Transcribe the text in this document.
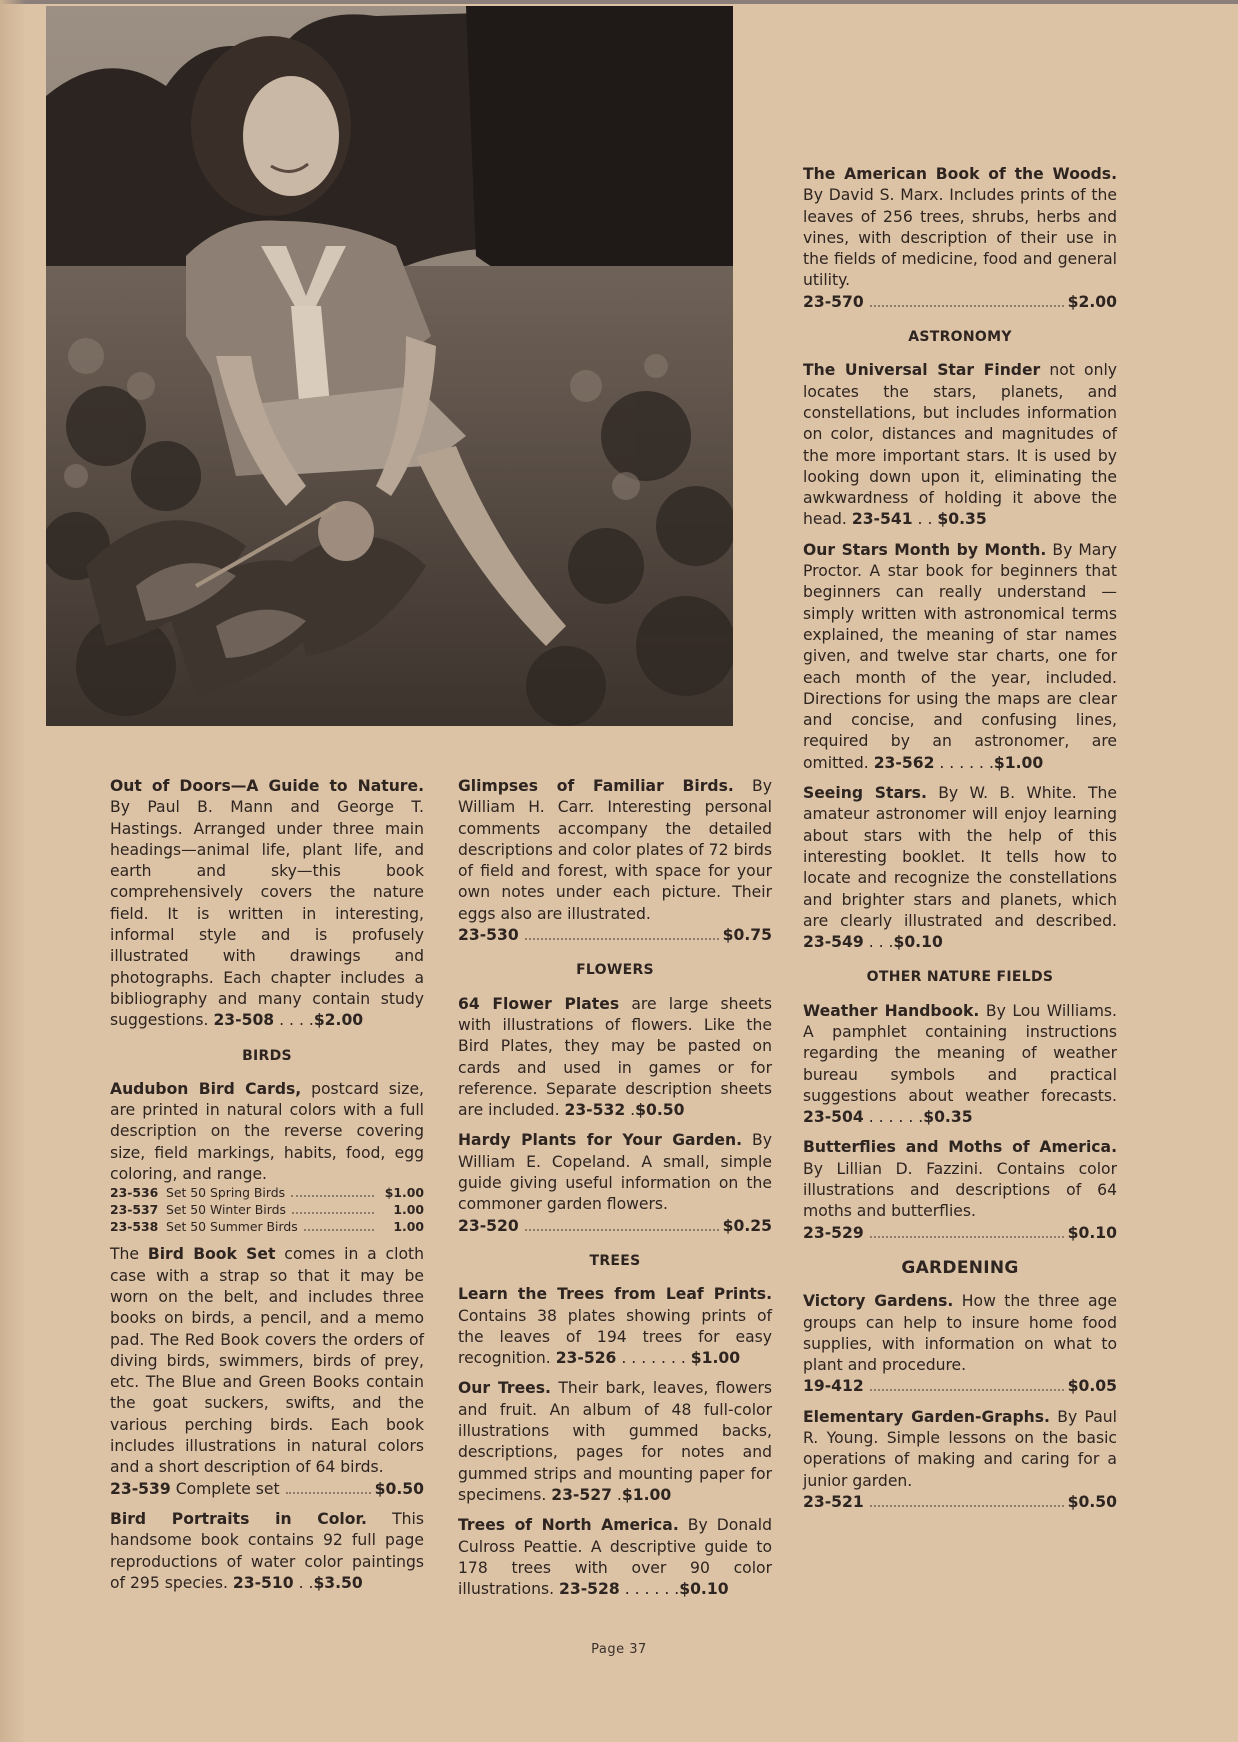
Out of Doors—A Guide to Nature. By Paul B. Mann and George T. Hastings. Arranged under three main headings—animal life, plant life, and earth and sky—this book comprehensively covers the nature field. It is written in interesting, informal style and is profusely illustrated with drawings and photographs. Each chapter includes a bibliography and many contain study suggestions. 23-508 . . . .$2.00

BIRDS
Audubon Bird Cards, postcard size, are printed in natural colors with a full description on the reverse covering size, field markings, habits, food, egg coloring, and range.
23-536 Set 50 Spring Birds	$1.00
23-537 Set 50 Winter Birds	1.00
23-538 Set 50 Summer Birds	1.00
The Bird Book Set comes in a cloth case with a strap so that it may be worn on the belt, and includes three books on birds, a pencil, and a memo pad. The Red Book covers the orders of diving birds, swimmers, birds of prey, etc. The Blue and Green Books contain the goat suckers, swifts, and the various perching birds. Each book includes illustrations in natural colors and a short description of 64 birds.
23-539 Complete set	$0.50

Bird Portraits in Color. This handsome book contains 92 full page reproductions of water color paintings of 295 species. 23-510 . .$3.50

Glimpses of Familiar Birds. By William H. Carr. Interesting personal comments accompany the detailed descriptions and color plates of 72 birds of field and forest, with space for your own notes under each picture. Their eggs also are illustrated.
23-530	$0.75
FLOWERS

64 Flower Plates are large sheets with illustrations of flowers. Like the Bird Plates, they may be pasted on cards and used in games or for reference. Separate description sheets are included. 23-532 .$0.50

Hardy Plants for Your Garden. By William E. Copeland. A small, simple guide giving useful information on the commoner garden flowers.
23-520	$0.25
TREES

Learn the Trees from Leaf Prints. Contains 38 plates showing prints of the leaves of 194 trees for easy recognition. 23-526 . . . . . . . $1.00

Our Trees. Their bark, leaves, flowers and fruit. An album of 48 full-color illustrations with gummed backs, descriptions, pages for notes and gummed strips and mounting paper for specimens. 23-527 .$1.00

Trees of North America. By Donald Culross Peattie. A descriptive guide to 178 trees with over 90 color illustrations. 23-528 . . . . . .$0.10

The American Book of the Woods. By David S. Marx. Includes prints of the leaves of 256 trees, shrubs, herbs and vines, with description of their use in the fields of medicine, food and general utility.
23-570	$2.00
ASTRONOMY

The Universal Star Finder not only locates the stars, planets, and constellations, but includes information on color, distances and magnitudes of the more important stars. It is used by looking down upon it, eliminating the awkwardness of holding it above the head. 23-541 . . $0.35

Our Stars Month by Month. By Mary Proctor. A star book for beginners that beginners can really understand — simply written with astronomical terms explained, the meaning of star names given, and twelve star charts, one for each month of the year, included. Directions for using the maps are clear and concise, and confusing lines, required by an astronomer, are omitted. 23-562 . . . . . .$1.00

Seeing Stars. By W. B. White. The amateur astronomer will enjoy learning about stars with the help of this interesting booklet. It tells how to locate and recognize the constellations and brighter stars and planets, which are clearly illustrated and described. 23-549 . . .$0.10

OTHER NATURE FIELDS

Weather Handbook. By Lou Williams. A pamphlet containing instructions regarding the meaning of weather bureau symbols and practical suggestions about weather forecasts. 23-504 . . . . . .$0.35

Butterflies and Moths of America. By Lillian D. Fazzini. Contains color illustrations and descriptions of 64 moths and butterflies.
23-529	$0.10
GARDENING
Victory Gardens. How the three age groups can help to insure home food supplies, with information on what to plant and procedure.
19-412	$0.05
Elementary Garden-Graphs. By Paul R. Young. Simple lessons on the basic operations of making and caring for a junior garden.
23-521	$0.50
Page 37
